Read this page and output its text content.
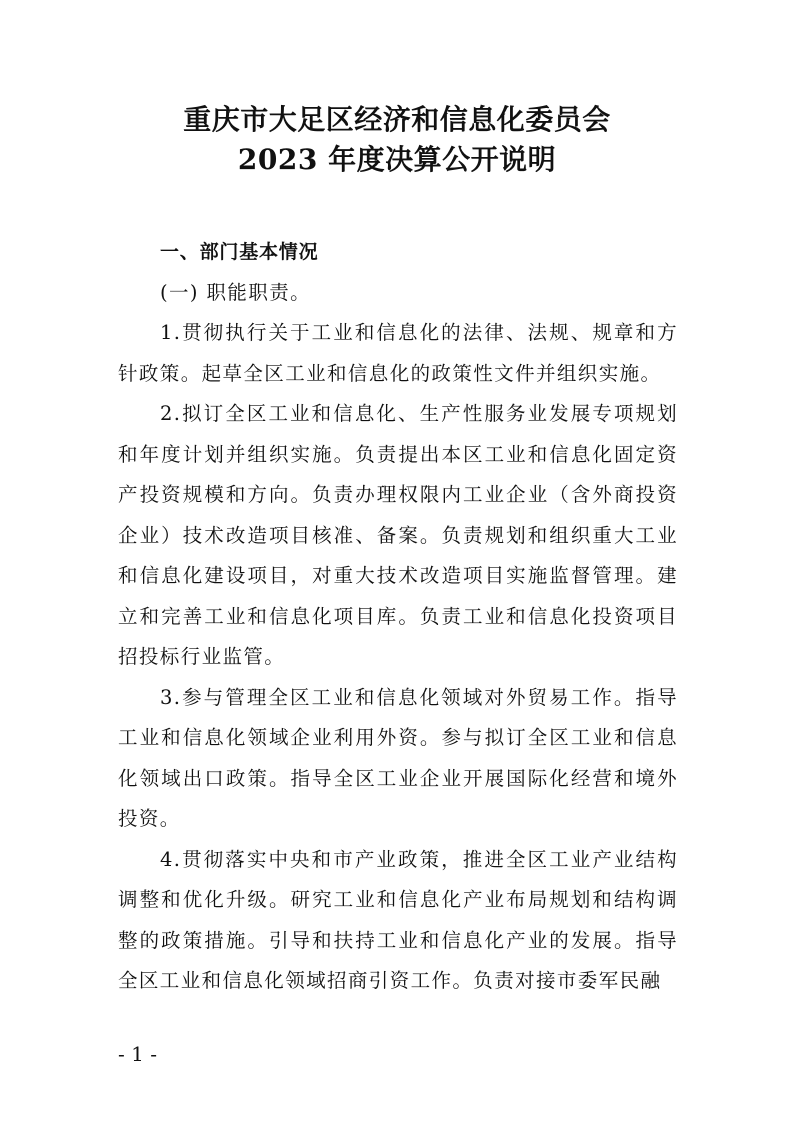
重庆市大足区经济和信息化委员会
2023 年度决算公开说明

一、部门基本情况

(一) 职能职责。

1.贯彻执行关于工业和信息化的法律、法规、规章和方针政策。起草全区工业和信息化的政策性文件并组织实施。

2.拟订全区工业和信息化、生产性服务业发展专项规划和年度计划并组织实施。负责提出本区工业和信息化固定资产投资规模和方向。负责办理权限内工业企业（含外商投资企业）技术改造项目核准、备案。负责规划和组织重大工业和信息化建设项目，对重大技术改造项目实施监督管理。建立和完善工业和信息化项目库。负责工业和信息化投资项目招投标行业监管。

3.参与管理全区工业和信息化领域对外贸易工作。指导工业和信息化领域企业利用外资。参与拟订全区工业和信息化领域出口政策。指导全区工业企业开展国际化经营和境外投资。

4.贯彻落实中央和市产业政策，推进全区工业产业结构调整和优化升级。研究工业和信息化产业布局规划和结构调整的政策措施。引导和扶持工业和信息化产业的发展。指导全区工业和信息化领域招商引资工作。负责对接市委军民融

- 1 -
